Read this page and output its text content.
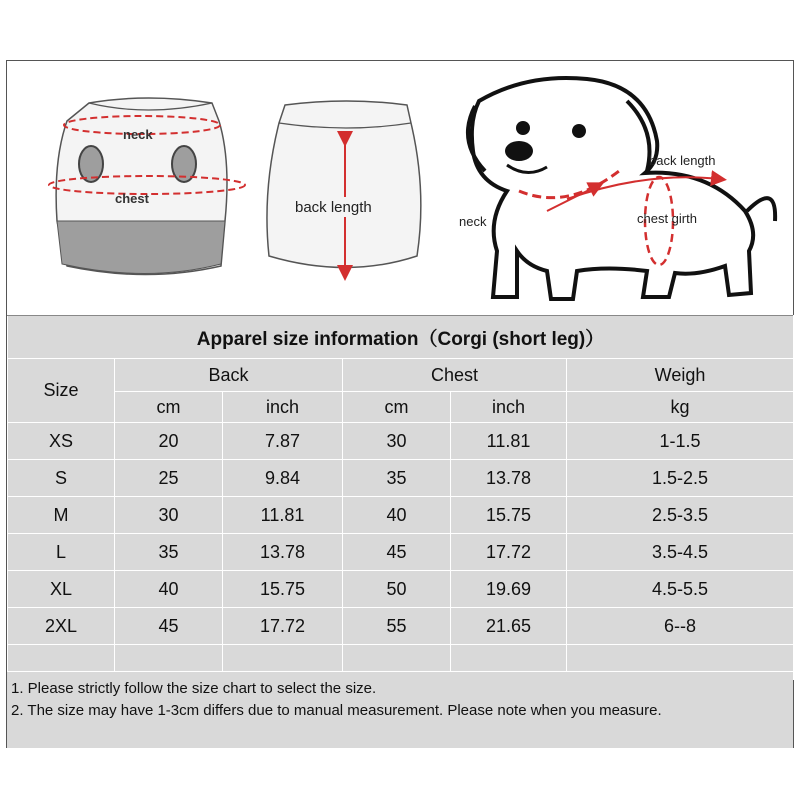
neck
chest
back length
back length
neck	chest girth
Apparel size information（Corgi (short leg)）					
Size	Back		Chest		Weigh
	cm	inch	cm	inch	kg
XS	20	7.87	30	11.81	1-1.5
S	25	9.84	35	13.78	1.5-2.5
M	30	11.81	40	15.75	2.5-3.5
L	35	13.78	45	17.72	3.5-4.5
XL	40	15.75	50	19.69	4.5-5.5
2XL	45	17.72	55	21.65	6--8

1. Please strictly follow the size chart to select the size.
2. The size may have 1-3cm differs due to manual measurement. Please note when you measure.
